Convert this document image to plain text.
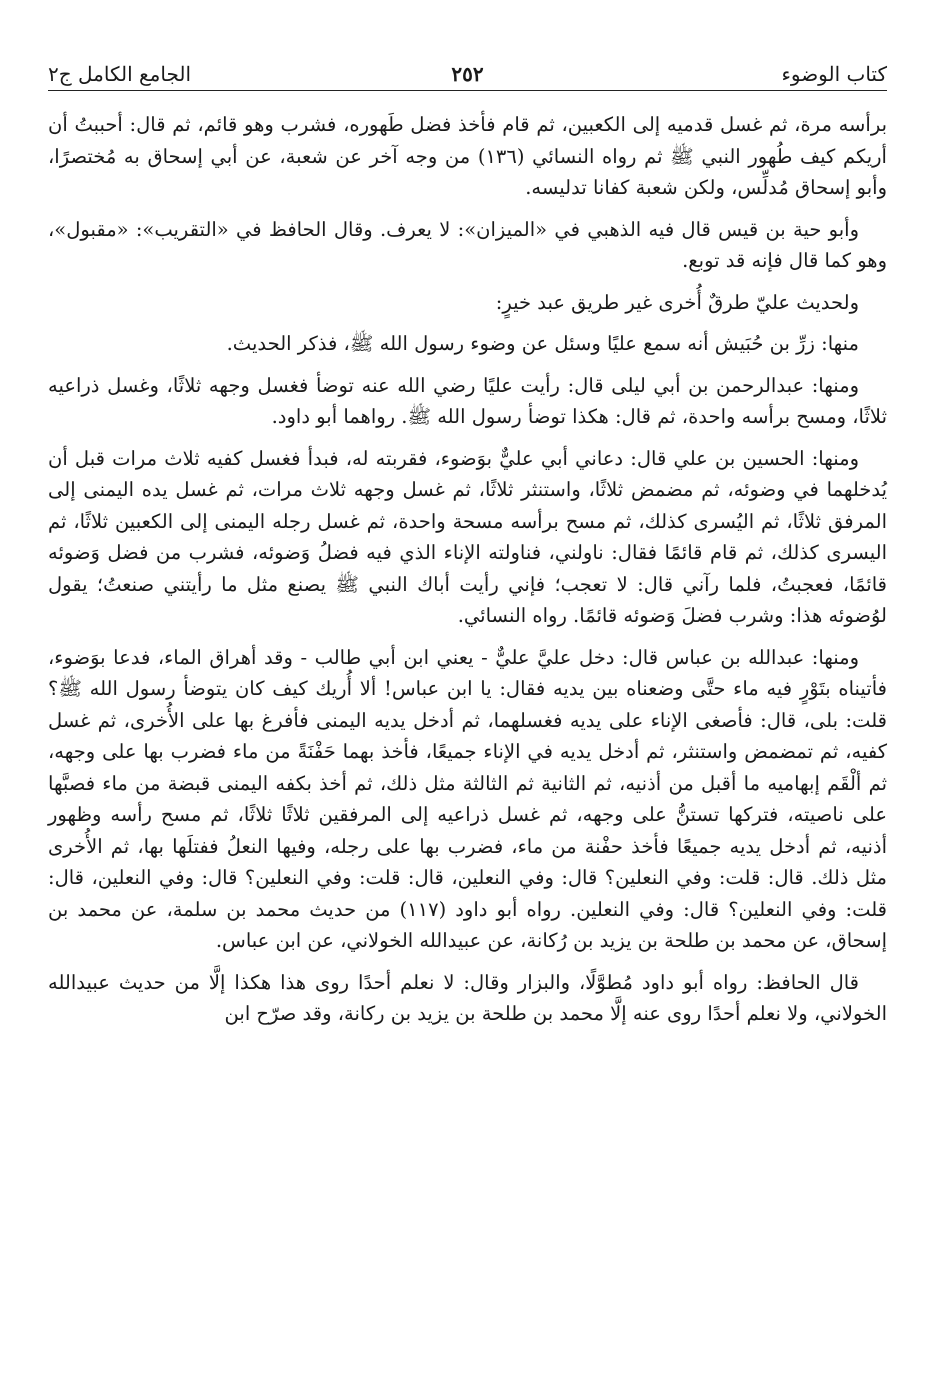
كتاب الوضوء
٢٥٢
الجامع الكامل ج٢

برأسه مرة، ثم غسل قدميه إلى الكعبين، ثم قام فأخذ فضل طَهوره، فشرب وهو قائم، ثم قال: أحببتُ أن أريكم كيف طُهور النبي ﷺ ثم رواه النسائي (١٣٦) من وجه آخر عن شعبة، عن أبي إسحاق به مُختصرًا، وأبو إسحاق مُدلِّس، ولكن شعبة كفانا تدليسه.

وأبو حية بن قيس قال فيه الذهبي في «الميزان»: لا يعرف. وقال الحافظ في «التقريب»: «مقبول»، وهو كما قال فإنه قد توبع.

ولحديث عليّ طرقٌ أُخرى غير طريق عبد خيرٍ:

منها: زرِّ بن حُبَيش أنه سمع عليًا وسئل عن وضوء رسول الله ﷺ، فذكر الحديث.

ومنها: عبدالرحمن بن أبي ليلى قال: رأيت عليًا رضي الله عنه توضأ فغسل وجهه ثلاثًا، وغسل ذراعيه ثلاثًا، ومسح برأسه واحدة، ثم قال: هكذا توضأ رسول الله ﷺ. رواهما أبو داود.

ومنها: الحسين بن علي قال: دعاني أبي عليٌّ بوَضوء، فقربته له، فبدأ فغسل كفيه ثلاث مرات قبل أن يُدخلهما في وضوئه، ثم مضمض ثلاثًا، واستنثر ثلاثًا، ثم غسل وجهه ثلاث مرات، ثم غسل يده اليمنى إلى المرفق ثلاثًا، ثم اليُسرى كذلك، ثم مسح برأسه مسحة واحدة، ثم غسل رجله اليمنى إلى الكعبين ثلاثًا، ثم اليسرى كذلك، ثم قام قائمًا فقال: ناولني، فناولته الإناء الذي فيه فضلُ وَضوئه، فشرب من فضل وَضوئه قائمًا، فعجبتُ، فلما رآني قال: لا تعجب؛ فإني رأيت أباك النبي ﷺ يصنع مثل ما رأيتني صنعتُ؛ يقول لوُضوئه هذا: وشرب فضلَ وَضوئه قائمًا. رواه النسائي.

ومنها: عبدالله بن عباس قال: دخل عليَّ عليٌّ - يعني ابن أبي طالب - وقد أهراق الماء، فدعا بوَضوء، فأتيناه بتَوْرٍ فيه ماء حتَّى وضعناه بين يديه فقال: يا ابن عباس! ألا أُريك كيف كان يتوضأ رسول الله ﷺ؟ قلت: بلى، قال: فأصغى الإناء على يديه فغسلهما، ثم أدخل يديه اليمنى فأفرغ بها على الأُخرى، ثم غسل كفيه، ثم تمضمض واستنثر، ثم أدخل يديه في الإناء جميعًا، فأخذ بهما حَفْنَةً من ماء فضرب بها على وجهه، ثم ألْقَم إبهاميه ما أقبل من أذنيه، ثم الثانية ثم الثالثة مثل ذلك، ثم أخذ بكفه اليمنى قبضة من ماء فصبَّها على ناصيته، فتركها تستنُّ على وجهه، ثم غسل ذراعيه إلى المرفقين ثلاثًا ثلاثًا، ثم مسح رأسه وظهور أذنيه، ثم أدخل يديه جميعًا فأخذ حفْنة من ماء، فضرب بها على رجله، وفيها النعلُ ففتلَها بها، ثم الأُخرى مثل ذلك. قال: قلت: وفي النعلين؟ قال: وفي النعلين، قال: قلت: وفي النعلين؟ قال: وفي النعلين، قال: قلت: وفي النعلين؟ قال: وفي النعلين. رواه أبو داود (١١٧) من حديث محمد بن سلمة، عن محمد بن إسحاق، عن محمد بن طلحة بن يزيد بن رُكانة، عن عبيدالله الخولاني، عن ابن عباس.

قال الحافظ: رواه أبو داود مُطوَّلًا، والبزار وقال: لا نعلم أحدًا روى هذا هكذا إلَّا من حديث عبيدالله الخولاني، ولا نعلم أحدًا روى عنه إلَّا محمد بن طلحة بن يزيد بن ركانة، وقد صرّح ابن
